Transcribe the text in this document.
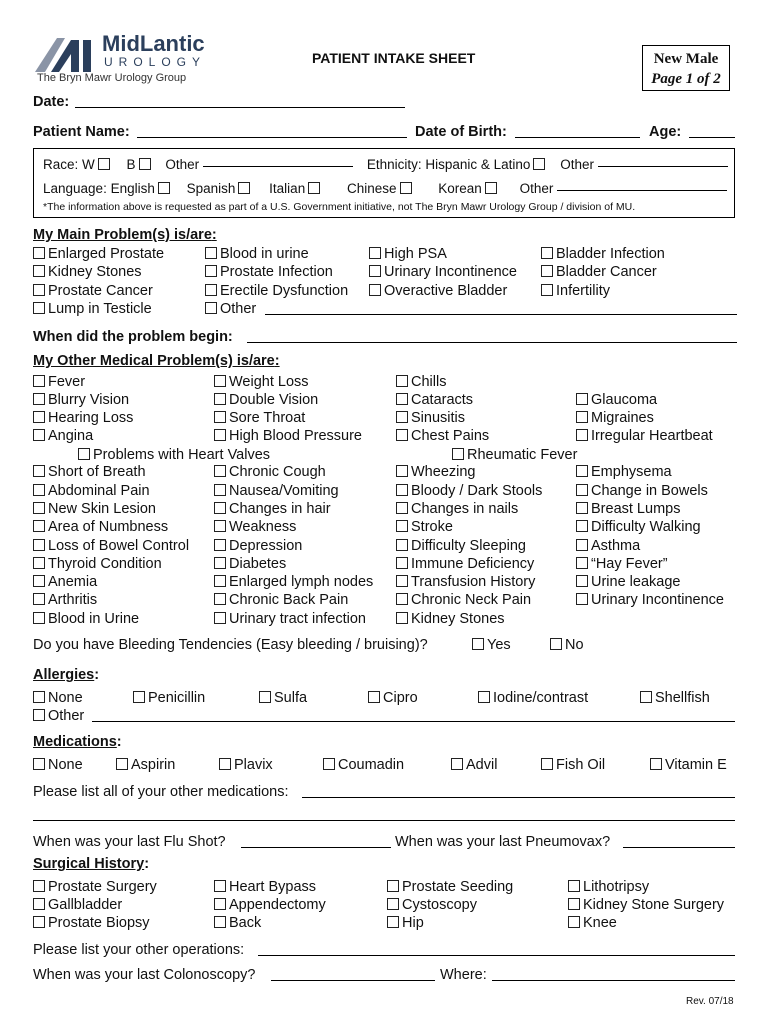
MidLantic
UROLOGY
The Bryn Mawr Urology Group
PATIENT INTAKE SHEET	New Male
Page 1 of 2
Date:
Patient Name:	Date of Birth:	Age:
Race: W B Other	Ethnicity: Hispanic & Latino Other
Language: English Spanish	Italian	Chinese	Korean	Other
*The information above is requested as part of a U.S. Government initiative, not The Bryn Mawr Urology Group / division of MU.
My Main Problem(s) is/are:
Enlarged Prostate	Blood in urine	High PSA	Bladder Infection
Kidney Stones	Prostate Infection	Urinary Incontinence	Bladder Cancer
Prostate Cancer	Erectile Dysfunction	Overactive Bladder	Infertility
Lump in Testicle	Other
When did the problem begin:
My Other Medical Problem(s) is/are:
Fever	Weight Loss	Chills
Blurry Vision	Double Vision	Cataracts	Glaucoma
Hearing Loss	Sore Throat	Sinusitis	Migraines
Angina	High Blood Pressure	Chest Pains	Irregular Heartbeat
Problems with Heart Valves	Rheumatic Fever
Short of Breath	Chronic Cough	Wheezing	Emphysema
Abdominal Pain	Nausea/Vomiting	Bloody / Dark Stools	Change in Bowels
New Skin Lesion	Changes in hair	Changes in nails	Breast Lumps
Area of Numbness	Weakness	Stroke	Difficulty Walking
Loss of Bowel Control	Depression	Difficulty Sleeping	Asthma
Thyroid Condition	Diabetes	Immune Deficiency	“Hay Fever”
Anemia	Enlarged lymph nodes	Transfusion History	Urine leakage
Arthritis	Chronic Back Pain	Chronic Neck Pain	Urinary Incontinence
Blood in Urine	Urinary tract infection	Kidney Stones
Do you have Bleeding Tendencies (Easy bleeding / bruising)?	Yes	No
Allergies:
None	Penicillin	Sulfa	Cipro	Iodine/contrast	Shellfish
Other
Medications:
None	Aspirin	Plavix	Coumadin	Advil	Fish Oil	Vitamin E
Please list all of your other medications:
When was your last Flu Shot?	When was your last Pneumovax?
Surgical History:
Prostate Surgery	Heart Bypass	Prostate Seeding	Lithotripsy
Gallbladder	Appendectomy	Cystoscopy	Kidney Stone Surgery
Prostate Biopsy	Back	Hip	Knee
Please list your other operations:
When was your last Colonoscopy?	Where:
Rev. 07/18
